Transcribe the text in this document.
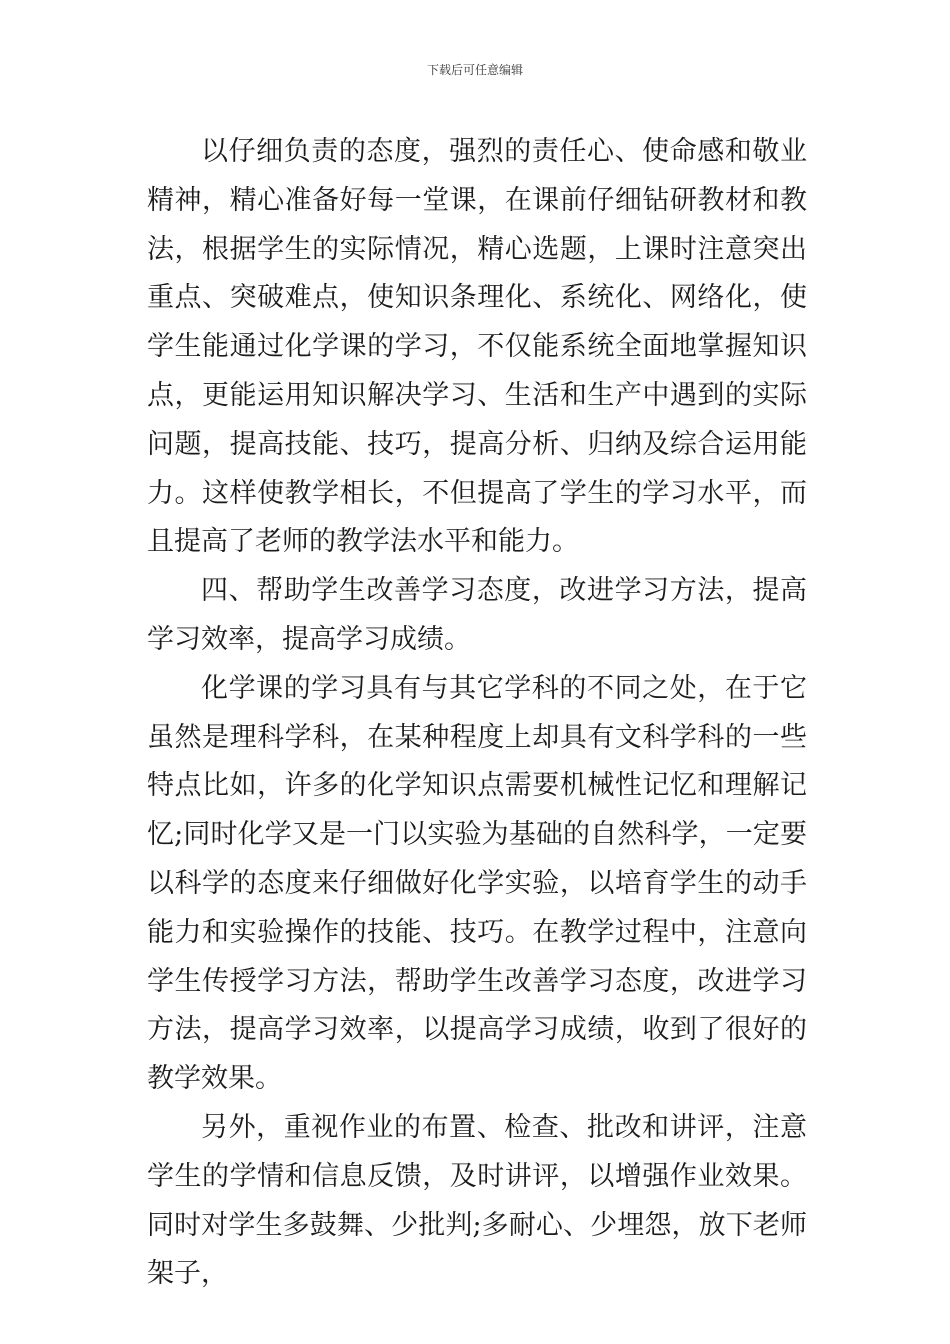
下载后可任意编辑

以仔细负责的态度，强烈的责任心、使命感和敬业精神，精心准备好每一堂课，在课前仔细钻研教材和教法，根据学生的实际情况，精心选题，上课时注意突出重点、突破难点，使知识条理化、系统化、网络化，使学生能通过化学课的学习，不仅能系统全面地掌握知识点，更能运用知识解决学习、生活和生产中遇到的实际问题，提高技能、技巧，提高分析、归纳及综合运用能力。这样使教学相长，不但提高了学生的学习水平，而且提高了老师的教学法水平和能力。

四、帮助学生改善学习态度，改进学习方法，提高学习效率，提高学习成绩。

化学课的学习具有与其它学科的不同之处，在于它虽然是理科学科，在某种程度上却具有文科学科的一些特点比如，许多的化学知识点需要机械性记忆和理解记忆;同时化学又是一门以实验为基础的自然科学，一定要以科学的态度来仔细做好化学实验，以培育学生的动手能力和实验操作的技能、技巧。在教学过程中，注意向学生传授学习方法，帮助学生改善学习态度，改进学习方法，提高学习效率，以提高学习成绩，收到了很好的教学效果。

另外，重视作业的布置、检查、批改和讲评，注意学生的学情和信息反馈，及时讲评，以增强作业效果。同时对学生多鼓舞、少批判;多耐心、少埋怨，放下老师架子，
